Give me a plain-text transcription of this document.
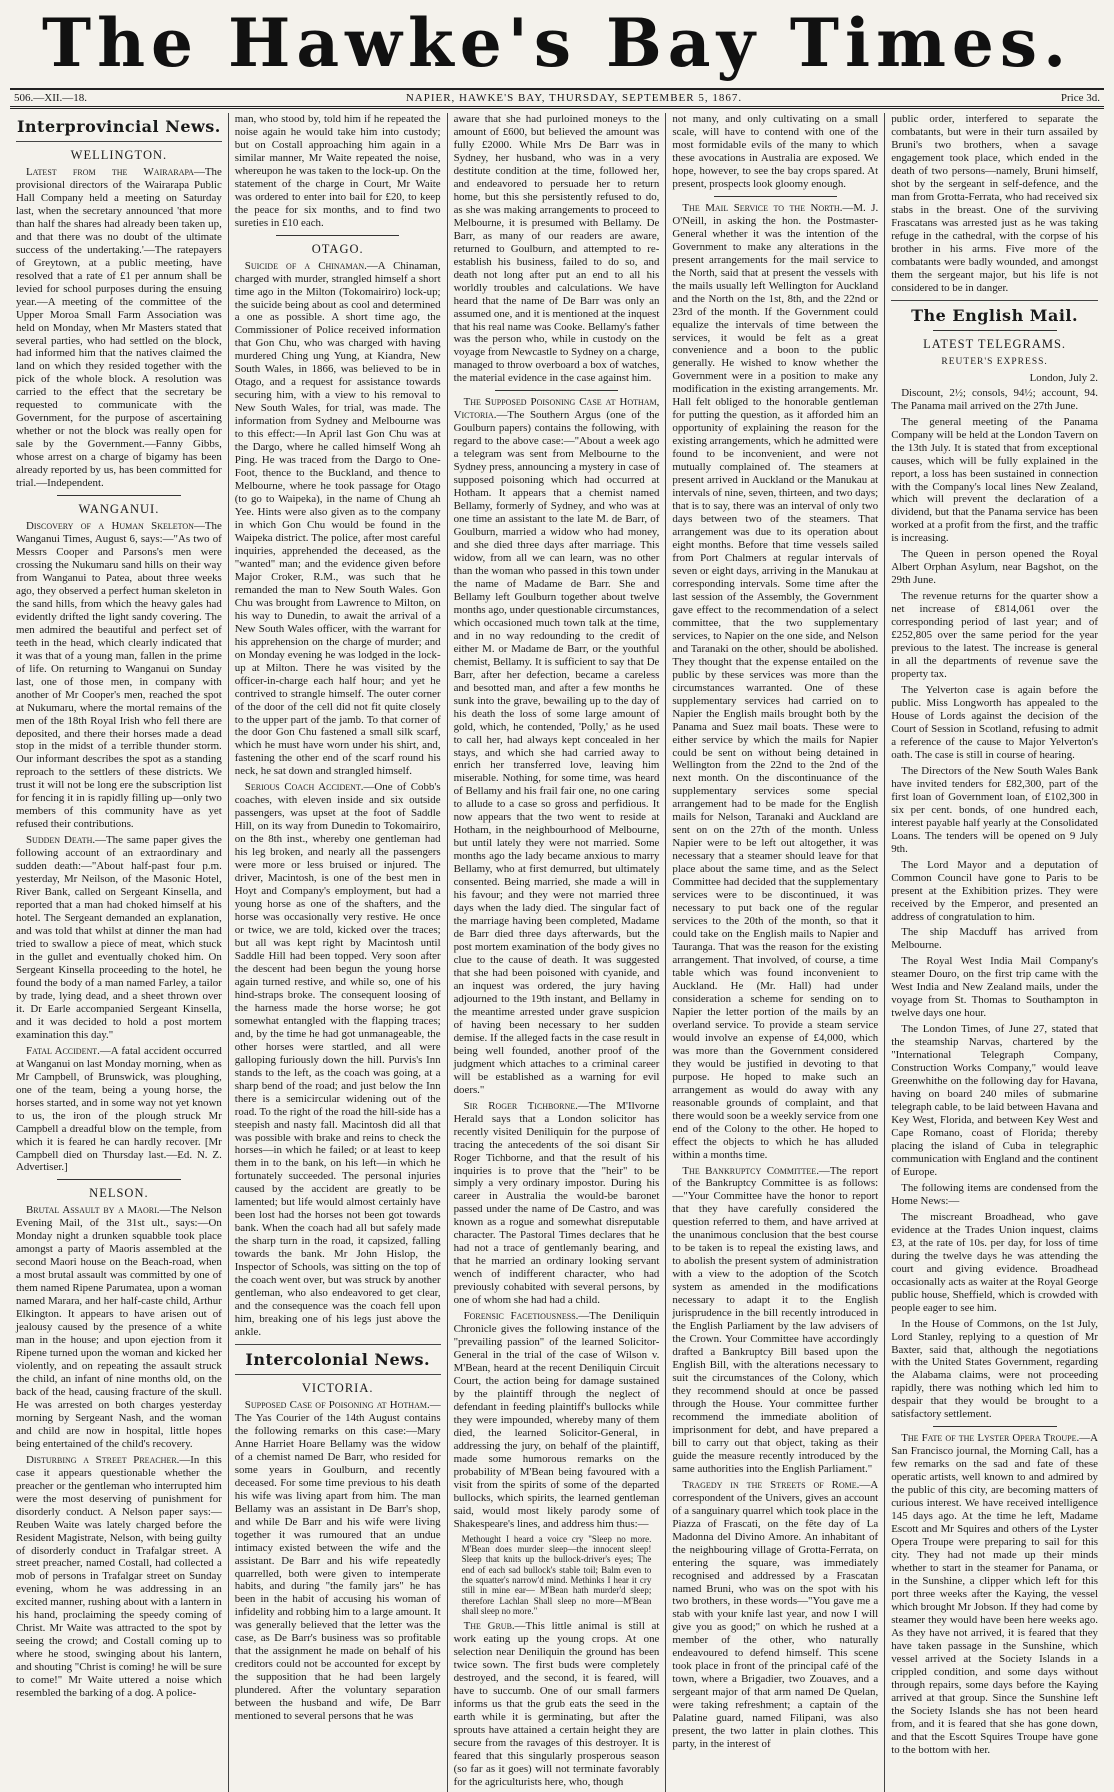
The Hawke's Bay Times.
506.—XII.—18.	NAPIER, HAWKE'S BAY, THURSDAY, SEPTEMBER 5, 1867.	Price 3d.
Interprovincial News.
WELLINGTON.

Latest from the Wairarapa—The provisional directors of the Wairarapa Public Hall Company held a meeting on Saturday last, when the secretary announced 'that more than half the shares had already been taken up, and that there was no doubt of the ultimate success of the undertaking.'—The ratepayers of Greytown, at a public meeting, have resolved that a rate of £1 per annum shall be levied for school purposes during the ensuing year.—A meeting of the committee of the Upper Moroa Small Farm Association was held on Monday, when Mr Masters stated that several parties, who had settled on the block, had informed him that the natives claimed the land on which they resided together with the pick of the whole block. A resolution was carried to the effect that the secretary be requested to communicate with the Government, for the purpose of ascertaining whether or not the block was really open for sale by the Government.—Fanny Gibbs, whose arrest on a charge of bigamy has been already reported by us, has been committed for trial.—Independent.

WANGANUI.

Discovery of a Human Skeleton—The Wanganui Times, August 6, says:—"As two of Messrs Cooper and Parsons's men were crossing the Nukumaru sand hills on their way from Wanganui to Patea, about three weeks ago, they observed a perfect human skeleton in the sand hills, from which the heavy gales had evidently drifted the light sandy covering. The men admired the beautiful and perfect set of teeth in the head, which clearly indicated that it was that of a young man, fallen in the prime of life. On returning to Wanganui on Sunday last, one of those men, in company with another of Mr Cooper's men, reached the spot at Nukumaru, where the mortal remains of the men of the 18th Royal Irish who fell there are deposited, and there their horses made a dead stop in the midst of a terrible thunder storm. Our informant describes the spot as a standing reproach to the settlers of these districts. We trust it will not be long ere the subscription list for fencing it in is rapidly filling up—only two members of this community have as yet refused their contributions.

Sudden Death.—The same paper gives the following account of an extraordinary and sudden death:—"About half-past four p.m. yesterday, Mr Neilson, of the Masonic Hotel, River Bank, called on Sergeant Kinsella, and reported that a man had choked himself at his hotel. The Sergeant demanded an explanation, and was told that whilst at dinner the man had tried to swallow a piece of meat, which stuck in the gullet and eventually choked him. On Sergeant Kinsella proceeding to the hotel, he found the body of a man named Farley, a tailor by trade, lying dead, and a sheet thrown over it. Dr Earle accompanied Sergeant Kinsella, and it was decided to hold a post mortem examination this day."

Fatal Accident.—A fatal accident occurred at Wanganui on last Monday morning, when as Mr Campbell, of Brunswick, was ploughing, one of the team, being a young horse, the horses started, and in some way not yet known to us, the iron of the plough struck Mr Campbell a dreadful blow on the temple, from which it is feared he can hardly recover. [Mr Campbell died on Thursday last.—Ed. N. Z. Advertiser.]

NELSON.

Brutal Assault by a Maori.—The Nelson Evening Mail, of the 31st ult., says:—On Monday night a drunken squabble took place amongst a party of Maoris assembled at the second Maori house on the Beach-road, when a most brutal assault was committed by one of them named Ripene Parumatea, upon a woman named Marara, and her half-caste child, Arthur Elkington. It appears to have arisen out of jealousy caused by the presence of a white man in the house; and upon ejection from it Ripene turned upon the woman and kicked her violently, and on repeating the assault struck the child, an infant of nine months old, on the back of the head, causing fracture of the skull. He was arrested on both charges yesterday morning by Sergeant Nash, and the woman and child are now in hospital, little hopes being entertained of the child's recovery.

Disturbing a Street Preacher.—In this case it appears questionable whether the preacher or the gentleman who interrupted him were the most deserving of punishment for disorderly conduct. A Nelson paper says:—Reuben Waite was lately charged before the Resident Magistrate, Nelson, with being guilty of disorderly conduct in Trafalgar street. A street preacher, named Costall, had collected a mob of persons in Trafalgar street on Sunday evening, whom he was addressing in an excited manner, rushing about with a lantern in his hand, proclaiming the speedy coming of Christ. Mr Waite was attracted to the spot by seeing the crowd; and Costall coming up to where he stood, swinging about his lantern, and shouting "Christ is coming! he will be sure to come!" Mr Waite uttered a noise which resembled the barking of a dog. A police-

man, who stood by, told him if he repeated the noise again he would take him into custody; but on Costall approaching him again in a similar manner, Mr Waite repeated the noise, whereupon he was taken to the lock-up. On the statement of the charge in Court, Mr Waite was ordered to enter into bail for £20, to keep the peace for six months, and to find two sureties in £10 each.

OTAGO.

Suicide of a Chinaman.—A Chinaman, charged with murder, strangled himself a short time ago in the Milton (Tokomairiro) lock-up; the suicide being about as cool and determined a one as possible. A short time ago, the Commissioner of Police received information that Gon Chu, who was charged with having murdered Ching ung Yung, at Kiandra, New South Wales, in 1866, was believed to be in Otago, and a request for assistance towards securing him, with a view to his removal to New South Wales, for trial, was made. The information from Sydney and Melbourne was to this effect:—In April last Gon Chu was at the Dargo, where he called himself Wong ah Ping. He was traced from the Dargo to One-Foot, thence to the Buckland, and thence to Melbourne, where he took passage for Otago (to go to Waipeka), in the name of Chung ah Yee. Hints were also given as to the company in which Gon Chu would be found in the Waipeka district. The police, after most careful inquiries, apprehended the deceased, as the "wanted" man; and the evidence given before Major Croker, R.M., was such that he remanded the man to New South Wales. Gon Chu was brought from Lawrence to Milton, on his way to Dunedin, to await the arrival of a New South Wales officer, with the warrant for his apprehension on the charge of murder; and on Monday evening he was lodged in the lock-up at Milton. There he was visited by the officer-in-charge each half hour; and yet he contrived to strangle himself. The outer corner of the door of the cell did not fit quite closely to the upper part of the jamb. To that corner of the door Gon Chu fastened a small silk scarf, which he must have worn under his shirt, and, fastening the other end of the scarf round his neck, he sat down and strangled himself.

Serious Coach Accident.—One of Cobb's coaches, with eleven inside and six outside passengers, was upset at the foot of Saddle Hill, on its way from Dunedin to Tokomairiro, on the 8th inst., whereby one gentleman had his leg broken, and nearly all the passengers were more or less bruised or injured. The driver, Macintosh, is one of the best men in Hoyt and Company's employment, but had a young horse as one of the shafters, and the horse was occasionally very restive. He once or twice, we are told, kicked over the traces; but all was kept right by Macintosh until Saddle Hill had been topped. Very soon after the descent had been begun the young horse again turned restive, and while so, one of his hind-straps broke. The consequent loosing of the harness made the horse worse; he got somewhat entangled with the flapping traces; and, by the time he had got unmanageable, the other horses were startled, and all were galloping furiously down the hill. Purvis's Inn stands to the left, as the coach was going, at a sharp bend of the road; and just below the Inn there is a semicircular widening out of the road. To the right of the road the hill-side has a steepish and nasty fall. Macintosh did all that was possible with brake and reins to check the horses—in which he failed; or at least to keep them in to the bank, on his left—in which he fortunately succeeded. The personal injuries caused by the accident are greatly to be lamented; but life would almost certainly have been lost had the horses not been got towards bank. When the coach had all but safely made the sharp turn in the road, it capsized, falling towards the bank. Mr John Hislop, the Inspector of Schools, was sitting on the top of the coach went over, but was struck by another gentleman, who also endeavored to get clear, and the consequence was the coach fell upon him, breaking one of his legs just above the ankle.

Intercolonial News.
VICTORIA.

Supposed Case of Poisoning at Hotham.—The Yas Courier of the 14th August contains the following remarks on this case:—Mary Anne Harriet Hoare Bellamy was the widow of a chemist named De Barr, who resided for some years in Goulburn, and recently deceased. For some time previous to his death his wife was living apart from him. The man Bellamy was an assistant in De Barr's shop, and while De Barr and his wife were living together it was rumoured that an undue intimacy existed between the wife and the assistant. De Barr and his wife repeatedly quarrelled, both were given to intemperate habits, and during "the family jars" he has been in the habit of accusing his woman of infidelity and robbing him to a large amount. It was generally believed that the letter was the case, as De Barr's business was so profitable that the assignment he made on behalf of his creditors could not be accounted for except by the supposition that he had been largely plundered. After the voluntary separation between the husband and wife, De Barr mentioned to several persons that he was

aware that she had purloined moneys to the amount of £600, but believed the amount was fully £2000. While Mrs De Barr was in Sydney, her husband, who was in a very destitute condition at the time, followed her, and endeavored to persuade her to return home, but this she persistently refused to do, as she was making arrangements to proceed to Melbourne, it is presumed with Bellamy. De Barr, as many of our readers are aware, returned to Goulburn, and attempted to re-establish his business, failed to do so, and death not long after put an end to all his worldly troubles and calculations. We have heard that the name of De Barr was only an assumed one, and it is mentioned at the inquest that his real name was Cooke. Bellamy's father was the person who, while in custody on the voyage from Newcastle to Sydney on a charge, managed to throw overboard a box of watches, the material evidence in the case against him.

The Supposed Poisoning Case at Hotham, Victoria.—The Southern Argus (one of the Goulburn papers) contains the following, with regard to the above case:—"About a week ago a telegram was sent from Melbourne to the Sydney press, announcing a mystery in case of supposed poisoning which had occurred at Hotham. It appears that a chemist named Bellamy, formerly of Sydney, and who was at one time an assistant to the late M. de Barr, of Goulburn, married a widow who had money, and she died three days after marriage. This widow, from all we can learn, was no other than the woman who passed in this town under the name of Madame de Barr. She and Bellamy left Goulburn together about twelve months ago, under questionable circumstances, which occasioned much town talk at the time, and in no way redounding to the credit of either M. or Madame de Barr, or the youthful chemist, Bellamy. It is sufficient to say that De Barr, after her defection, became a careless and besotted man, and after a few months he sunk into the grave, bewailing up to the day of his death the loss of some large amount of gold, which, he contended, 'Polly,' as he used to call her, had always kept concealed in her stays, and which she had carried away to enrich her transferred love, leaving him miserable. Nothing, for some time, was heard of Bellamy and his frail fair one, no one caring to allude to a case so gross and perfidious. It now appears that the two went to reside at Hotham, in the neighbourhood of Melbourne, but until lately they were not married. Some months ago the lady became anxious to marry Bellamy, who at first demurred, but ultimately consented. Being married, she made a will in his favour; and they were not married three days when the lady died. The singular fact of the marriage having been completed, Madame de Barr died three days afterwards, but the post mortem examination of the body gives no clue to the cause of death. It was suggested that she had been poisoned with cyanide, and an inquest was ordered, the jury having adjourned to the 19th instant, and Bellamy in the meantime arrested under grave suspicion of having been necessary to her sudden demise. If the alleged facts in the case result in being well founded, another proof of the judgment which attaches to a criminal career will be established as a warning for evil doers."

Sir Roger Tichborne.—The M'Ilvorne Herald says that a London solicitor has recently visited Deniliquin for the purpose of tracing the antecedents of the soi disant Sir Roger Tichborne, and that the result of his inquiries is to prove that the "heir" to be simply a very ordinary impostor. During his career in Australia the would-be baronet passed under the name of De Castro, and was known as a rogue and somewhat disreputable character. The Pastoral Times declares that he had not a trace of gentlemanly bearing, and that he married an ordinary looking servant wench of indifferent character, who had previously cohabited with several persons, by one of whom she had had a child.

Forensic Facetiousness.—The Deniliquin Chronicle gives the following instance of the "prevailing passion" of the learned Solicitor-General in the trial of the case of Wilson v. M'Bean, heard at the recent Deniliquin Circuit Court, the action being for damage sustained by the plaintiff through the neglect of defendant in feeding plaintiff's bullocks while they were impounded, whereby many of them died, the learned Solicitor-General, in addressing the jury, on behalf of the plaintiff, made some humorous remarks on the probability of M'Bean being favoured with a visit from the spirits of some of the departed bullocks, which spirits, the learned gentleman said, would most likely parody some of Shakespeare's lines, and address him thus:—

Methought I heard a voice cry "Sleep no more. M'Bean does murder sleep—the innocent sleep! Sleep that knits up the bullock-driver's eyes; The end of each sad bullock's stable toil; Balm even to the squatter's narrow'd mind. Methinks I hear it cry still in mine ear— M'Bean hath murder'd sleep; therefore Lachlan Shall sleep no more—M'Bean shall sleep no more."

The Grub.—This little animal is still at work eating up the young crops. At one selection near Deniliquin the ground has been twice sown. The first buds were completely destroyed, and the second, it is feared, will have to succumb. One of our small farmers informs us that the grub eats the seed in the earth while it is germinating, but after the sprouts have attained a certain height they are secure from the ravages of this destroyer. It is feared that this singularly prosperous season (so far as it goes) will not terminate favorably for the agriculturists here, who, though

not many, and only cultivating on a small scale, will have to contend with one of the most formidable evils of the many to which these avocations in Australia are exposed. We hope, however, to see the bay crops spared. At present, prospects look gloomy enough.

The Mail Service to the North.—M. J. O'Neill, in asking the hon. the Postmaster-General whether it was the intention of the Government to make any alterations in the present arrangements for the mail service to the North, said that at present the vessels with the mails usually left Wellington for Auckland and the North on the 1st, 8th, and the 22nd or 23rd of the month. If the Government could equalize the intervals of time between the services, it would be felt as a great convenience and a boon to the public generally. He wished to know whether the Government were in a position to make any modification in the existing arrangements. Mr. Hall felt obliged to the honorable gentleman for putting the question, as it afforded him an opportunity of explaining the reason for the existing arrangements, which he admitted were found to be inconvenient, and were not mutually complained of. The steamers at present arrived in Auckland or the Manukau at intervals of nine, seven, thirteen, and two days; that is to say, there was an interval of only two days between two of the steamers. That arrangement was due to its operation about eight months. Before that time vessels sailed from Port Chalmers at regular intervals of seven or eight days, arriving in the Manukau at corresponding intervals. Some time after the last session of the Assembly, the Government gave effect to the recommendation of a select committee, that the two supplementary services, to Napier on the one side, and Nelson and Taranaki on the other, should be abolished. They thought that the expense entailed on the public by these services was more than the circumstances warranted. One of these supplementary services had carried on to Napier the English mails brought both by the Panama and Suez mail boats. These were to either service by which the mails for Napier could be sent on without being detained in Wellington from the 22nd to the 2nd of the next month. On the discontinuance of the supplementary services some special arrangement had to be made for the English mails for Nelson, Taranaki and Auckland are sent on on the 27th of the month. Unless Napier were to be left out altogether, it was necessary that a steamer should leave for that place about the same time, and as the Select Committee had decided that the supplementary services were to be discontinued, it was necessary to put back one of the regular services to the 20th of the month, so that it could take on the English mails to Napier and Tauranga. That was the reason for the existing arrangement. That involved, of course, a time table which was found inconvenient to Auckland. He (Mr. Hall) had under consideration a scheme for sending on to Napier the letter portion of the mails by an overland service. To provide a steam service would involve an expense of £4,000, which was more than the Government considered they would be justified in devoting to that purpose. He hoped to make such an arrangement as would do away with any reasonable grounds of complaint, and that there would soon be a weekly service from one end of the Colony to the other. He hoped to effect the objects to which he has alluded within a months time.

The Bankruptcy Committee.—The report of the Bankruptcy Committee is as follows:—"Your Committee have the honor to report that they have carefully considered the question referred to them, and have arrived at the unanimous conclusion that the best course to be taken is to repeal the existing laws, and to abolish the present system of administration with a view to the adoption of the Scotch system as amended in the modifications necessary to adapt it to the English jurisprudence in the bill recently introduced in the English Parliament by the law advisers of the Crown. Your Committee have accordingly drafted a Bankruptcy Bill based upon the English Bill, with the alterations necessary to suit the circumstances of the Colony, which they recommend should at once be passed through the House. Your committee further recommend the immediate abolition of imprisonment for debt, and have prepared a bill to carry out that object, taking as their guide the measure recently introduced by the same authorities into the English Parliament."

Tragedy in the Streets of Rome.—A correspondent of the Univers, gives an account of a sanguinary quarrel which took place in the Piazza of Frascati, on the fête day of La Madonna del Divino Amore. An inhabitant of the neighbouring village of Grotta-Ferrata, on entering the square, was immediately recognised and addressed by a Frascatan named Bruni, who was on the spot with his two brothers, in these words—"You gave me a stab with your knife last year, and now I will give you as good;" on which he rushed at a member of the other, who naturally endeavoured to defend himself. This scene took place in front of the principal café of the town, where a Brigadier, two Zouaves, and a sergeant major of that arm named De Quelan, were taking refreshment; a captain of the Palatine guard, named Filipani, was also present, the two latter in plain clothes. This party, in the interest of

public order, interfered to separate the combatants, but were in their turn assailed by Bruni's two brothers, when a savage engagement took place, which ended in the death of two persons—namely, Bruni himself, shot by the sergeant in self-defence, and the man from Grotta-Ferrata, who had received six stabs in the breast. One of the surviving Frascatans was arrested just as he was taking refuge in the cathedral, with the corpse of his brother in his arms. Five more of the combatants were badly wounded, and amongst them the sergeant major, but his life is not considered to be in danger.

The English Mail.
LATEST TELEGRAMS.
REUTER'S EXPRESS.
London, July 2.

Discount, 2½; consols, 94½; account, 94. The Panama mail arrived on the 27th June.

The general meeting of the Panama Company will be held at the London Tavern on the 13th July. It is stated that from exceptional causes, which will be fully explained in the report, a loss has been sustained in connection with the Company's local lines New Zealand, which will prevent the declaration of a dividend, but that the Panama service has been worked at a profit from the first, and the traffic is increasing.

The Queen in person opened the Royal Albert Orphan Asylum, near Bagshot, on the 29th June.

The revenue returns for the quarter show a net increase of £814,061 over the corresponding period of last year; and of £252,805 over the same period for the year previous to the latest. The increase is general in all the departments of revenue save the property tax.

The Yelverton case is again before the public. Miss Longworth has appealed to the House of Lords against the decision of the Court of Session in Scotland, refusing to admit a reference of the cause to Major Yelverton's oath. The case is still in course of hearing.

The Directors of the New South Wales Bank have invited tenders for £82,300, part of the first loan of Government loan, of £102,300 in six per cent. bonds, of one hundred each, interest payable half yearly at the Consolidated Loans. The tenders will be opened on 9 July 9th.

The Lord Mayor and a deputation of Common Council have gone to Paris to be present at the Exhibition prizes. They were received by the Emperor, and presented an address of congratulation to him.

The ship Macduff has arrived from Melbourne.

The Royal West India Mail Company's steamer Douro, on the first trip came with the West India and New Zealand mails, under the voyage from St. Thomas to Southampton in twelve days one hour.

The London Times, of June 27, stated that the steamship Narvas, chartered by the "International Telegraph Company, Construction Works Company," would leave Greenwhithe on the following day for Havana, having on board 240 miles of submarine telegraph cable, to be laid between Havana and Key West, Florida, and between Key West and Cape Romano, coast of Florida; thereby placing the island of Cuba in telegraphic communication with England and the continent of Europe.

The following items are condensed from the Home News:—

The miscreant Broadhead, who gave evidence at the Trades Union inquest, claims £3, at the rate of 10s. per day, for loss of time during the twelve days he was attending the court and giving evidence. Broadhead occasionally acts as waiter at the Royal George public house, Sheffield, which is crowded with people eager to see him.

In the House of Commons, on the 1st July, Lord Stanley, replying to a question of Mr Baxter, said that, although the negotiations with the United States Government, regarding the Alabama claims, were not proceeding rapidly, there was nothing which led him to despair that they would be brought to a satisfactory settlement.

The Fate of the Lyster Opera Troupe.—A San Francisco journal, the Morning Call, has a few remarks on the sad and fate of these operatic artists, well known to and admired by the public of this city, are becoming matters of curious interest. We have received intelligence 145 days ago. At the time he left, Madame Escott and Mr Squires and others of the Lyster Opera Troupe were preparing to sail for this city. They had not made up their minds whether to start in the steamer for Panama, or in the Sunshine, a clipper which left for this port three weeks after the Kaying, the vessel which brought Mr Jobson. If they had come by steamer they would have been here weeks ago. As they have not arrived, it is feared that they have taken passage in the Sunshine, which vessel arrived at the Society Islands in a crippled condition, and some days without through repairs, some days before the Kaying arrived at that group. Since the Sunshine left the Society Islands she has not been heard from, and it is feared that she has gone down, and that the Escott Squires Troupe have gone to the bottom with her.
